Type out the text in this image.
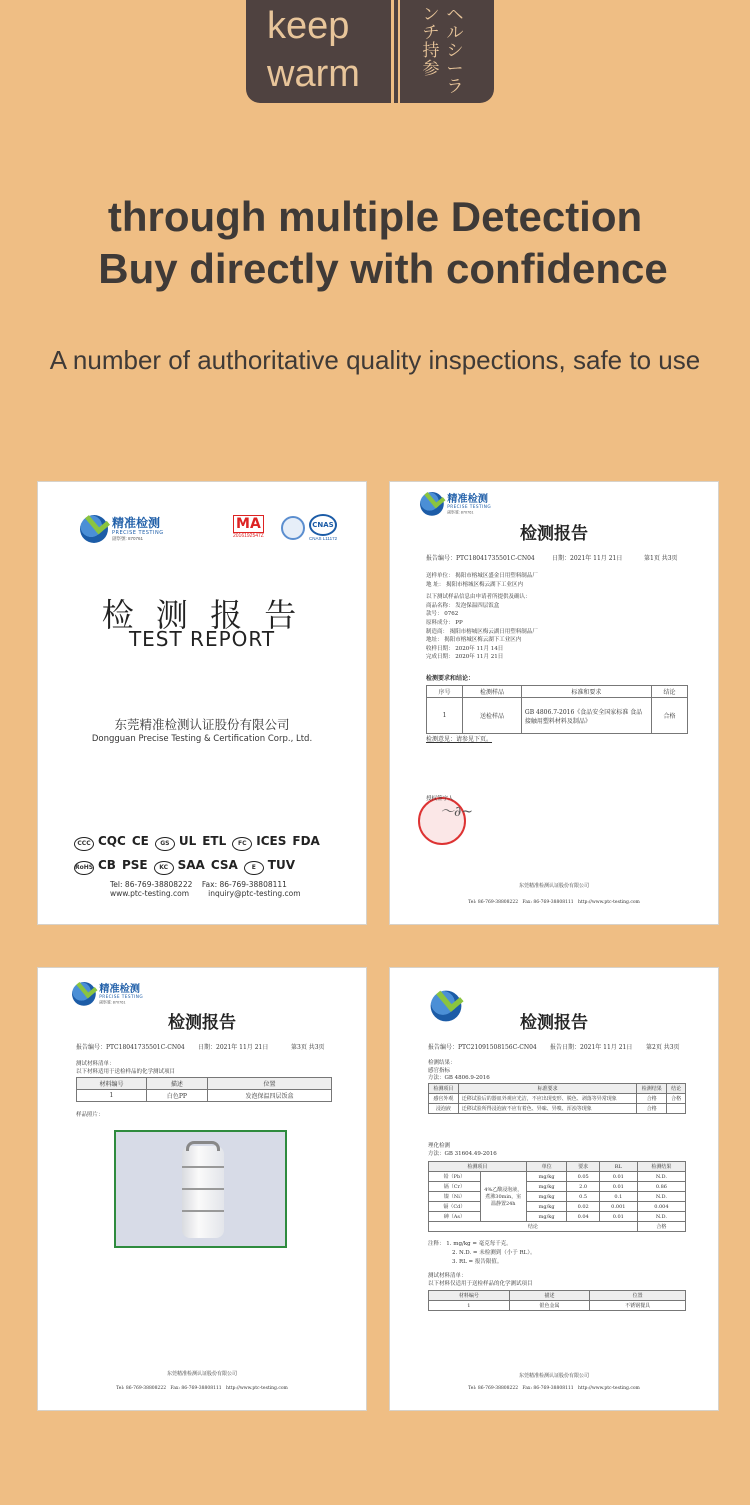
keep
warm
ヘルシーラ
ンチ持参
through multiple Detection
Buy directly with confidence
A number of authoritative quality inspections, safe to use
精准检测
PRECISE TESTING
副察號: 870761
MA
2016192547Z
CNAS
CNAS L11172
检 测 报 告
TEST REPORT
东莞精准检测认证股份有限公司
Dongguan Precise Testing & Certification Corp., Ltd.
CCC CQC CE GS UL ETL FC ICES FDA
RoHS CB PSE KC SAA CSA E TUV
Tel: 86-769-38808222 Fax: 86-769-38808111
www.ptc-testing.com	inquiry@ptc-testing.com
精准检测
PRECISE TESTING
副察號: 870761
检测报告
报告编号：PTC18041735501C-CN04	日期：2021年 11月 21日	第1页 共3页
送样单位： 揭阳市榕城区盛金日用塑料制品厂
地 址： 揭阳市榕城区梅云湖下工业区内
以下测试样品信息由申请者所提供及确认：
商品名称： 发泡保温四层饭盒
款号： 0762
原料成分： PP
制造商： 揭阳市榕城区梅云湖日用塑料制品厂
地址： 揭阳市榕城区梅云湖下工业区内
收样日期： 2020年 11月 14日
完成日期： 2020年 11月 21日
检测要求和结论：
序号	检测样品	标准和要求	结论
1	送检样品	GB 4806.7-2016《食品安全国家标准 食品接触用塑料材料及制品》	合格
检测意见：请参见下页。
授权签字人
～∂~
东莞精准检测认证股份有限公司
Tel: 86-769-38808222 Fax: 86-769-38808111 http://www.ptc-testing.com
精准检测
PRECISE TESTING
副察號: 870761
检测报告
报告编号：PTC18041735501C-CN04 日期：2021年 11月 21日	第3页 共3页
测试材料清单：
以下材料适用于送检样品的化学测试项目
材料编号	描述	位置
1	白色PP	发泡保温四层饭盒
样品照片：
东莞精准检测认证股份有限公司
Tel: 86-769-38808222 Fax: 86-769-38808111 http://www.ptc-testing.com
检测报告
报告编号：PTC21091508156C-CN04 报告日期：2021年 11月 21日 第2页 共3页
检测结果：
感官指标
方法：GB 4806.9-2016
检测项目	标准要求	检测结果	结论
感官外观	迁移试验后的器皿外观应光洁，不应出现变形、脱色、剥落等异常现象	合格	合格
浸泡液	迁移试验所得浸泡液不应有着色、异味、异嗅、浑浊等现象	合格	
理化检测
方法：GB 31604.49-2016
检测项目		单位	要求	RL	检测结果
铅（Pb）	4%乙酸浸泡液，煮沸30min，室温静置24h	mg/kg	0.05	0.01	N.D.
镉（Cr）		mg/kg	2.0	0.01	0.86
镍（Ni）		mg/kg	0.5	0.1	N.D.
镉（Cd）		mg/kg	0.02	0.001	0.004
砷（As）		mg/kg	0.04	0.01	N.D.
结论					合格
注释： 1. mg/kg = 毫克每千克。
2. N.D. = 未检测到（小于 RL）。
3. RL = 报告限值。
测试材料清单：
以下材料仅适用于送检样品的化学测试项目
材料编号	描述	位置
1	银色金属	不锈钢餐具
东莞精准检测认证股份有限公司
Tel: 86-769-38808222 Fax: 86-769-38808111 http://www.ptc-testing.com
